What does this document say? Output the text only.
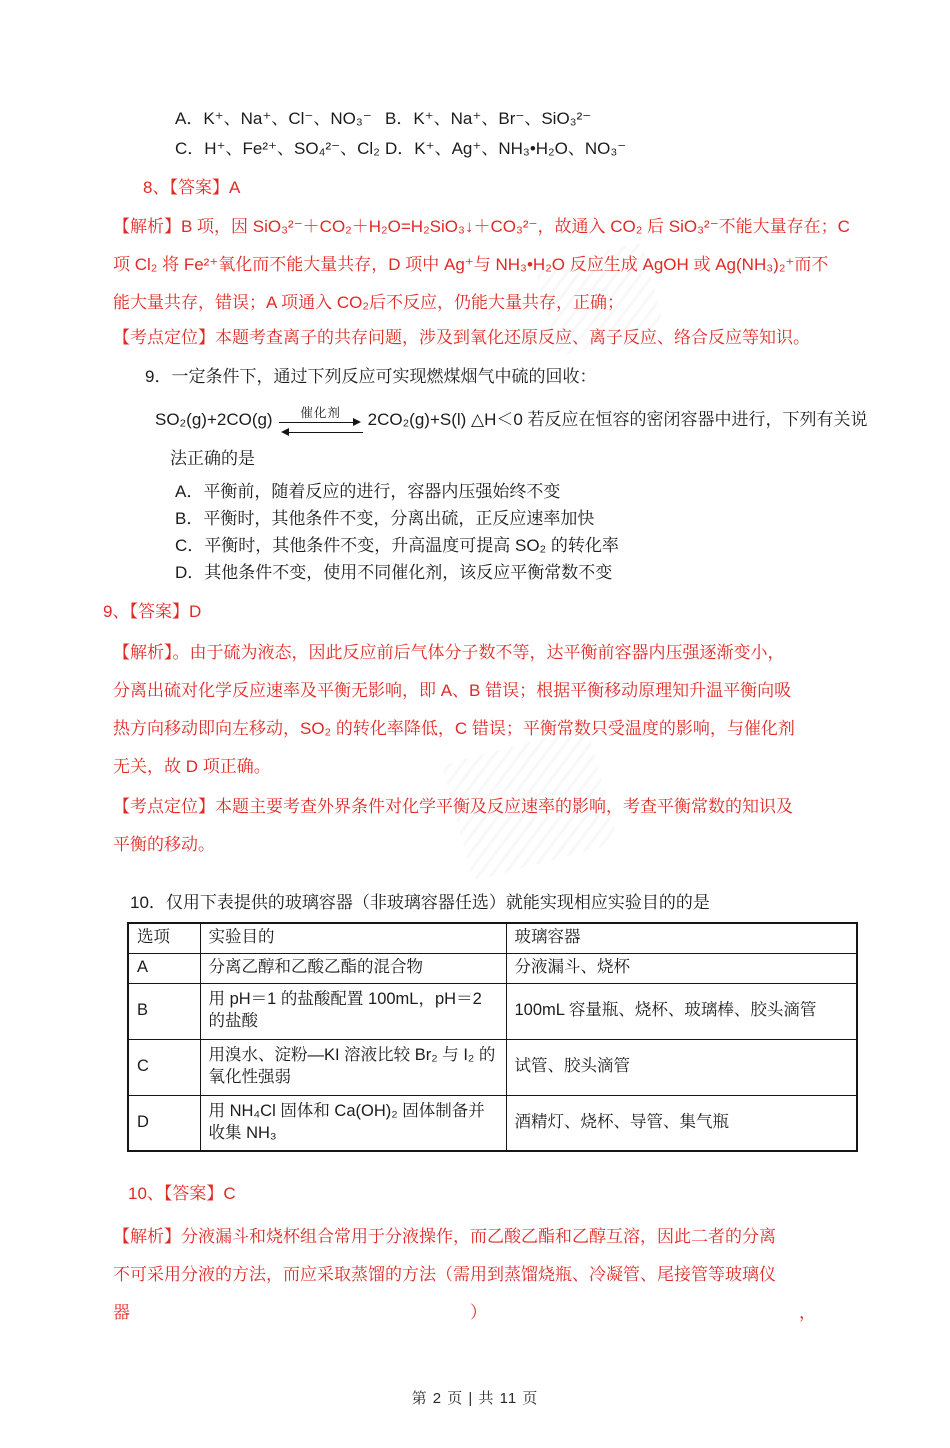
A．K⁺、Na⁺、Cl⁻、NO₃⁻ B．K⁺、Na⁺、Br⁻、SiO₃²⁻
C．H⁺、Fe²⁺、SO₄²⁻、Cl₂ D．K⁺、Ag⁺、NH₃•H₂O、NO₃⁻
8、【答案】A
【解析】B 项，因 SiO₃²⁻＋CO₂＋H₂O=H₂SiO₃↓＋CO₃²⁻，故通入 CO₂ 后 SiO₃²⁻不能大量存在；C
项 Cl₂ 将 Fe²⁺氧化而不能大量共存，D 项中 Ag⁺与 NH₃•H₂O 反应生成 AgOH 或 Ag(NH₃)₂⁺而不
能大量共存，错误；A 项通入 CO₂后不反应，仍能大量共存，正确；
【考点定位】本题考查离子的共存问题，涉及到氧化还原反应、离子反应、络合反应等知识。
9．一定条件下，通过下列反应可实现燃煤烟气中硫的回收：
SO₂(g)+2CO(g) 催化剂 2CO₂(g)+S(l) △H＜0 若反应在恒容的密闭容器中进行，下列有关说
法正确的是
A．平衡前，随着反应的进行，容器内压强始终不变
B．平衡时，其他条件不变，分离出硫，正反应速率加快
C．平衡时，其他条件不变，升高温度可提高 SO₂ 的转化率
D．其他条件不变，使用不同催化剂，该反应平衡常数不变
9、【答案】D
【解析】。由于硫为液态，因此反应前后气体分子数不等，达平衡前容器内压强逐渐变小，
分离出硫对化学反应速率及平衡无影响，即 A、B 错误；根据平衡移动原理知升温平衡向吸
热方向移动即向左移动，SO₂ 的转化率降低，C 错误；平衡常数只受温度的影响，与催化剂
无关，故 D 项正确。
【考点定位】本题主要考查外界条件对化学平衡及反应速率的影响，考查平衡常数的知识及
平衡的移动。
10．仅用下表提供的玻璃容器（非玻璃容器任选）就能实现相应实验目的的是
选项	实验目的	玻璃容器
A	分离乙醇和乙酸乙酯的混合物	分液漏斗、烧杯
B	用 pH＝1 的盐酸配置 100mL，pH＝2 的盐酸	100mL 容量瓶、烧杯、玻璃棒、胶头滴管
C	用溴水、淀粉—KI 溶液比较 Br₂ 与 I₂ 的氧化性强弱	试管、胶头滴管
D	用 NH₄Cl 固体和 Ca(OH)₂ 固体制备并收集 NH₃	酒精灯、烧杯、导管、集气瓶
10、【答案】C
【解析】分液漏斗和烧杯组合常用于分液操作，而乙酸乙酯和乙醇互溶，因此二者的分离
不可采用分液的方法，而应采取蒸馏的方法（需用到蒸馏烧瓶、冷凝管、尾接管等玻璃仪
器	）	，
第 2 页 | 共 11 页
